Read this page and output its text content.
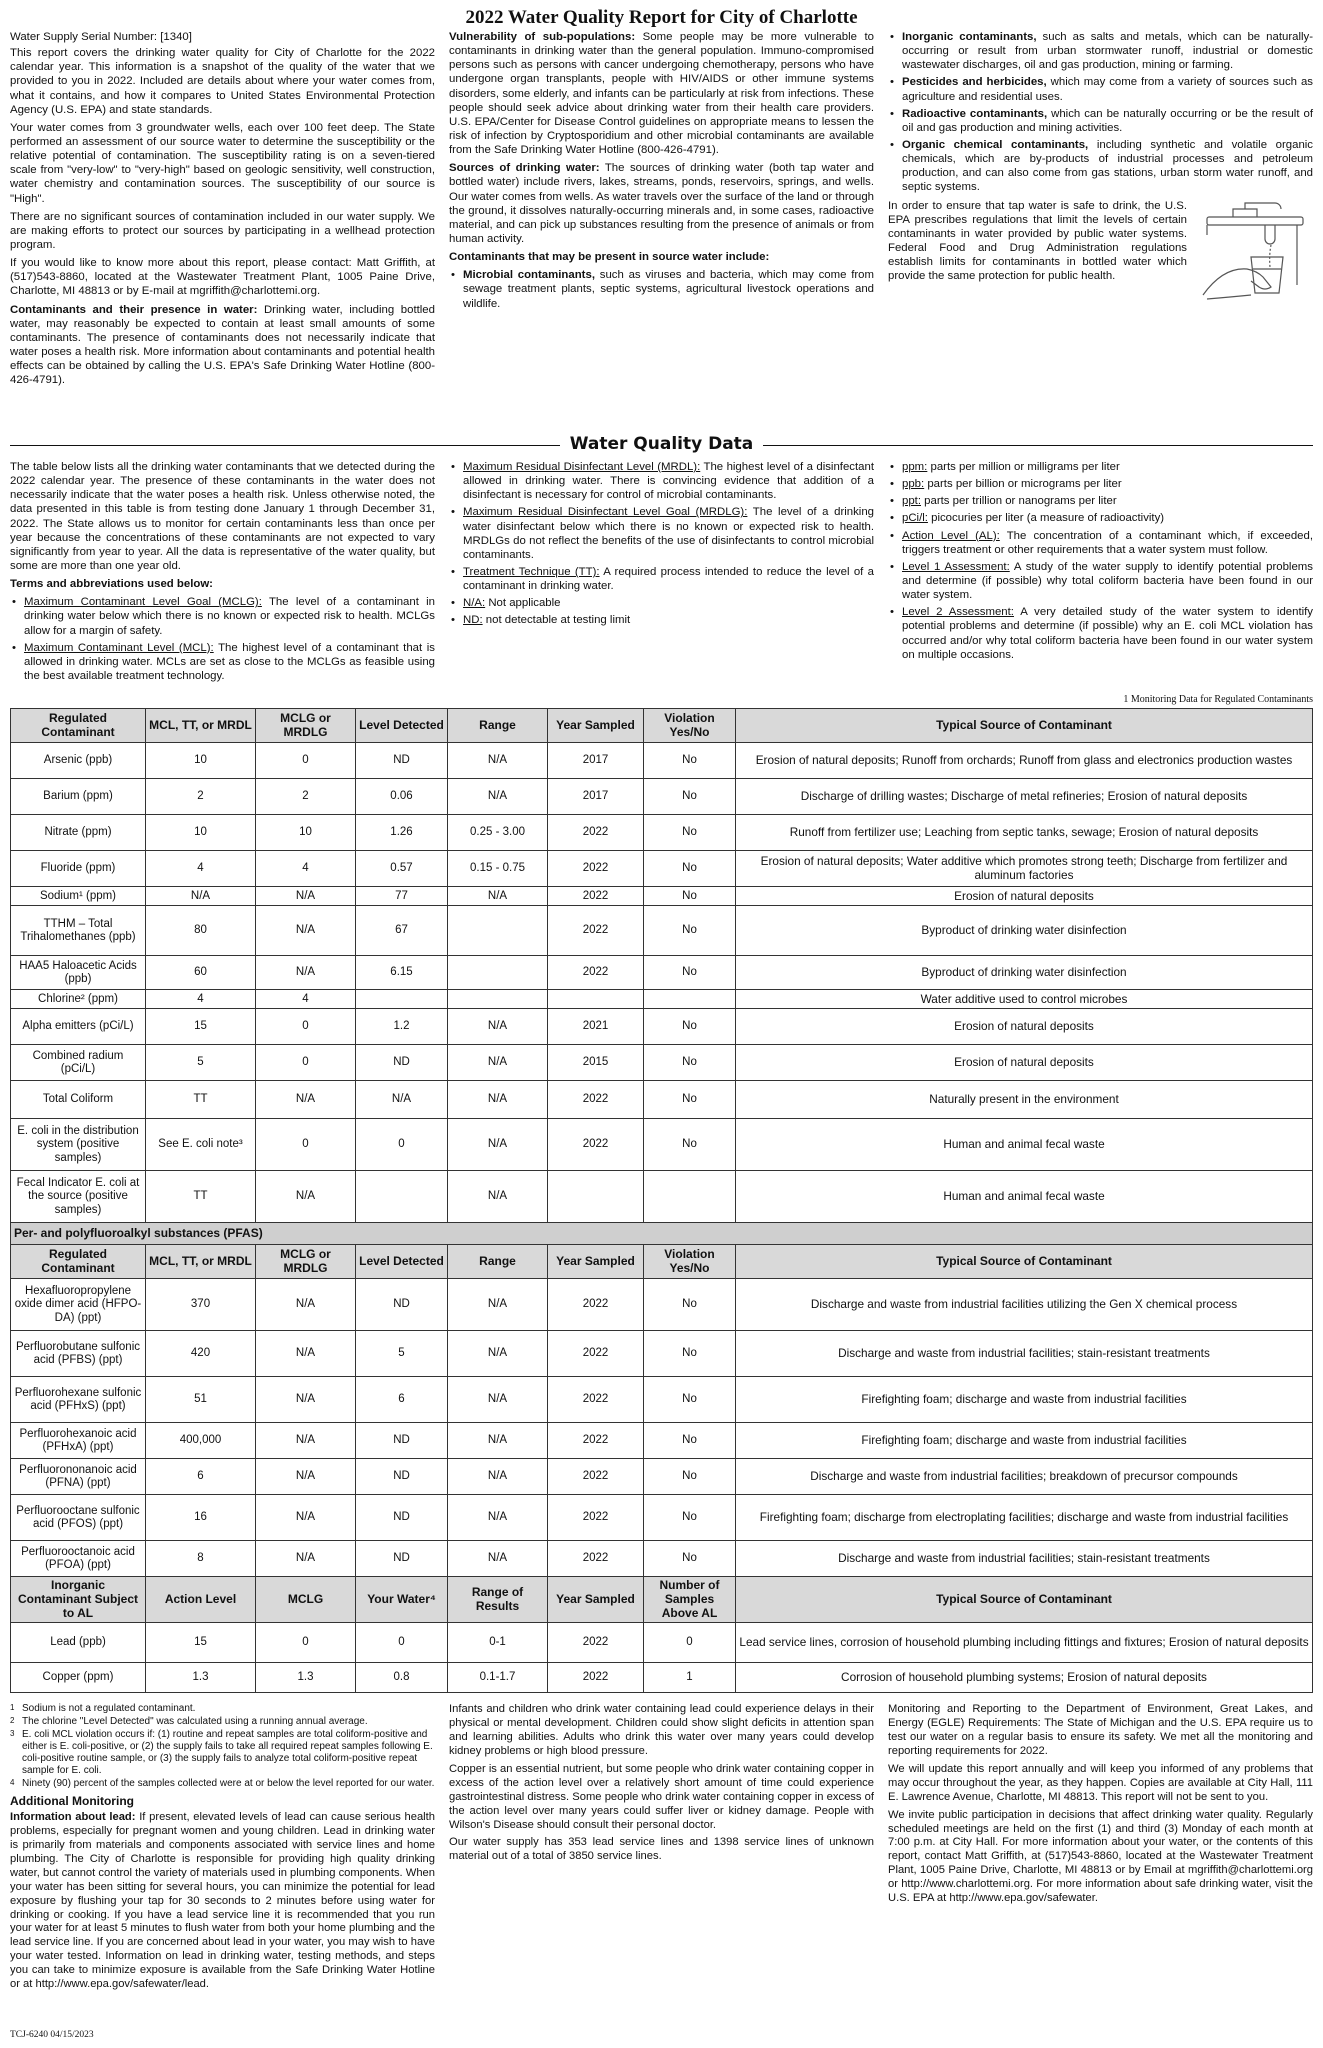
2022 Water Quality Report for City of Charlotte

Water Supply Serial Number: [1340]

This report covers the drinking water quality for City of Charlotte for the 2022 calendar year. This information is a snapshot of the quality of the water that we provided to you in 2022. Included are details about where your water comes from, what it contains, and how it compares to United States Environmental Protection Agency (U.S. EPA) and state standards.

Your water comes from 3 groundwater wells, each over 100 feet deep. The State performed an assessment of our source water to determine the susceptibility or the relative potential of contamination. The susceptibility rating is on a seven-tiered scale from "very-low" to "very-high" based on geologic sensitivity, well construction, water chemistry and contamination sources. The susceptibility of our source is "High".

There are no significant sources of contamination included in our water supply. We are making efforts to protect our sources by participating in a wellhead protection program.

If you would like to know more about this report, please contact: Matt Griffith, at (517)543-8860, located at the Wastewater Treatment Plant, 1005 Paine Drive, Charlotte, MI 48813 or by E-mail at mgriffith@charlottemi.org.

Contaminants and their presence in water: Drinking water, including bottled water, may reasonably be expected to contain at least small amounts of some contaminants. The presence of contaminants does not necessarily indicate that water poses a health risk. More information about contaminants and potential health effects can be obtained by calling the U.S. EPA's Safe Drinking Water Hotline (800-426-4791).

Vulnerability of sub-populations: Some people may be more vulnerable to contaminants in drinking water than the general population. Immuno-compromised persons such as persons with cancer undergoing chemotherapy, persons who have undergone organ transplants, people with HIV/AIDS or other immune systems disorders, some elderly, and infants can be particularly at risk from infections. These people should seek advice about drinking water from their health care providers. U.S. EPA/Center for Disease Control guidelines on appropriate means to lessen the risk of infection by Cryptosporidium and other microbial contaminants are available from the Safe Drinking Water Hotline (800-426-4791).

Sources of drinking water: The sources of drinking water (both tap water and bottled water) include rivers, lakes, streams, ponds, reservoirs, springs, and wells. Our water comes from wells. As water travels over the surface of the land or through the ground, it dissolves naturally-occurring minerals and, in some cases, radioactive material, and can pick up substances resulting from the presence of animals or from human activity.

Contaminants that may be present in source water include:

• Microbial contaminants, such as viruses and bacteria, which may come from sewage treatment plants, septic systems, agricultural livestock operations and wildlife.
• Inorganic contaminants, such as salts and metals, which can be naturally-occurring or result from urban stormwater runoff, industrial or domestic wastewater discharges, oil and gas production, mining or farming.
• Pesticides and herbicides, which may come from a variety of sources such as agriculture and residential uses.
• Radioactive contaminants, which can be naturally occurring or be the result of oil and gas production and mining activities.
• Organic chemical contaminants, including synthetic and volatile organic chemicals, which are by-products of industrial processes and petroleum production, and can also come from gas stations, urban storm water runoff, and septic systems.

In order to ensure that tap water is safe to drink, the U.S. EPA prescribes regulations that limit the levels of certain contaminants in water provided by public water systems. Federal Food and Drug Administration regulations establish limits for contaminants in bottled water which provide the same protection for public health.

Water Quality Data

The table below lists all the drinking water contaminants that we detected during the 2022 calendar year. The presence of these contaminants in the water does not necessarily indicate that the water poses a health risk. Unless otherwise noted, the data presented in this table is from testing done January 1 through December 31, 2022. The State allows us to monitor for certain contaminants less than once per year because the concentrations of these contaminants are not expected to vary significantly from year to year. All the data is representative of the water quality, but some are more than one year old.

Terms and abbreviations used below:

• Maximum Contaminant Level Goal (MCLG): The level of a contaminant in drinking water below which there is no known or expected risk to health. MCLGs allow for a margin of safety.
• Maximum Contaminant Level (MCL): The highest level of a contaminant that is allowed in drinking water. MCLs are set as close to the MCLGs as feasible using the best available treatment technology.
• Maximum Residual Disinfectant Level (MRDL): The highest level of a disinfectant allowed in drinking water. There is convincing evidence that addition of a disinfectant is necessary for control of microbial contaminants.
• Maximum Residual Disinfectant Level Goal (MRDLG): The level of a drinking water disinfectant below which there is no known or expected risk to health. MRDLGs do not reflect the benefits of the use of disinfectants to control microbial contaminants.
• Treatment Technique (TT): A required process intended to reduce the level of a contaminant in drinking water.
• N/A: Not applicable
• ND: not detectable at testing limit
• ppm: parts per million or milligrams per liter
• ppb: parts per billion or micrograms per liter
• ppt: parts per trillion or nanograms per liter
• pCi/l: picocuries per liter (a measure of radioactivity)
• Action Level (AL): The concentration of a contaminant which, if exceeded, triggers treatment or other requirements that a water system must follow.
• Level 1 Assessment: A study of the water supply to identify potential problems and determine (if possible) why total coliform bacteria have been found in our water system.
• Level 2 Assessment: A very detailed study of the water system to identify potential problems and determine (if possible) why an E. coli MCL violation has occurred and/or why total coliform bacteria have been found in our water system on multiple occasions.
1 Monitoring Data for Regulated Contaminants
Regulated Contaminant	MCL, TT, or MRDL	MCLG or MRDLG	Level Detected	Range	Year Sampled	Violation Yes/No	Typical Source of Contaminant
Arsenic (ppb)	10	0	ND	N/A	2017	No	Erosion of natural deposits; Runoff from orchards; Runoff from glass and electronics production wastes
Barium (ppm)	2	2	0.06	N/A	2017	No	Discharge of drilling wastes; Discharge of metal refineries; Erosion of natural deposits
Nitrate (ppm)	10	10	1.26	0.25 - 3.00	2022	No	Runoff from fertilizer use; Leaching from septic tanks, sewage; Erosion of natural deposits
Fluoride (ppm)	4	4	0.57	0.15 - 0.75	2022	No	Erosion of natural deposits; Water additive which promotes strong teeth; Discharge from fertilizer and aluminum factories
Sodium¹ (ppm)	N/A	N/A	77	N/A	2022	No	Erosion of natural deposits
TTHM – Total Trihalomethanes (ppb)	80	N/A	67		2022	No	Byproduct of drinking water disinfection
HAA5 Haloacetic Acids (ppb)	60	N/A	6.15		2022	No	Byproduct of drinking water disinfection
Chlorine² (ppm)	4	4					Water additive used to control microbes
Alpha emitters (pCi/L)	15	0	1.2	N/A	2021	No	Erosion of natural deposits
Combined radium (pCi/L)	5	0	ND	N/A	2015	No	Erosion of natural deposits
Total Coliform	TT	N/A	N/A	N/A	2022	No	Naturally present in the environment
E. coli in the distribution system (positive samples)	See E. coli note³	0	0	N/A	2022	No	Human and animal fecal waste
Fecal Indicator E. coli at the source (positive samples)	TT	N/A		N/A			Human and animal fecal waste
Per- and polyfluoroalkyl substances (PFAS)							
Regulated Contaminant	MCL, TT, or MRDL	MCLG or MRDLG	Level Detected	Range	Year Sampled	Violation Yes/No	Typical Source of Contaminant
Hexafluoropropylene oxide dimer acid (HFPO-DA) (ppt)	370	N/A	ND	N/A	2022	No	Discharge and waste from industrial facilities utilizing the Gen X chemical process
Perfluorobutane sulfonic acid (PFBS) (ppt)	420	N/A	5	N/A	2022	No	Discharge and waste from industrial facilities; stain-resistant treatments
Perfluorohexane sulfonic acid (PFHxS) (ppt)	51	N/A	6	N/A	2022	No	Firefighting foam; discharge and waste from industrial facilities
Perfluorohexanoic acid (PFHxA) (ppt)	400,000	N/A	ND	N/A	2022	No	Firefighting foam; discharge and waste from industrial facilities
Perfluorononanoic acid (PFNA) (ppt)	6	N/A	ND	N/A	2022	No	Discharge and waste from industrial facilities; breakdown of precursor compounds
Perfluorooctane sulfonic acid (PFOS) (ppt)	16	N/A	ND	N/A	2022	No	Firefighting foam; discharge from electroplating facilities; discharge and waste from industrial facilities
Perfluorooctanoic acid (PFOA) (ppt)	8	N/A	ND	N/A	2022	No	Discharge and waste from industrial facilities; stain-resistant treatments
Inorganic Contaminant Subject to AL	Action Level	MCLG	Your Water⁴	Range of Results	Year Sampled	Number of Samples Above AL	Typical Source of Contaminant
Lead (ppb)	15	0	0	0-1	2022	0	Lead service lines, corrosion of household plumbing including fittings and fixtures; Erosion of natural deposits
Copper (ppm)	1.3	1.3	0.8	0.1-1.7	2022	1	Corrosion of household plumbing systems; Erosion of natural deposits
1 Sodium is not a regulated contaminant.
2 The chlorine "Level Detected" was calculated using a running annual average.
3 E. coli MCL violation occurs if: (1) routine and repeat samples are total coliform-positive and either is E. coli-positive, or (2) the supply fails to take all required repeat samples following E. coli-positive routine sample, or (3) the supply fails to analyze total coliform-positive repeat sample for E. coli.
4 Ninety (90) percent of the samples collected were at or below the level reported for our water.

Additional Monitoring

Information about lead: If present, elevated levels of lead can cause serious health problems, especially for pregnant women and young children. Lead in drinking water is primarily from materials and components associated with service lines and home plumbing. The City of Charlotte is responsible for providing high quality drinking water, but cannot control the variety of materials used in plumbing components. When your water has been sitting for several hours, you can minimize the potential for lead exposure by flushing your tap for 30 seconds to 2 minutes before using water for drinking or cooking. If you have a lead service line it is recommended that you run your water for at least 5 minutes to flush water from both your home plumbing and the lead service line. If you are concerned about lead in your water, you may wish to have your water tested. Information on lead in drinking water, testing methods, and steps you can take to minimize exposure is available from the Safe Drinking Water Hotline or at http://www.epa.gov/safewater/lead.

Infants and children who drink water containing lead could experience delays in their physical or mental development. Children could show slight deficits in attention span and learning abilities. Adults who drink this water over many years could develop kidney problems or high blood pressure.

Copper is an essential nutrient, but some people who drink water containing copper in excess of the action level over a relatively short amount of time could experience gastrointestinal distress. Some people who drink water containing copper in excess of the action level over many years could suffer liver or kidney damage. People with Wilson's Disease should consult their personal doctor.

Our water supply has 353 lead service lines and 1398 service lines of unknown material out of a total of 3850 service lines.

Monitoring and Reporting to the Department of Environment, Great Lakes, and Energy (EGLE) Requirements: The State of Michigan and the U.S. EPA require us to test our water on a regular basis to ensure its safety. We met all the monitoring and reporting requirements for 2022.

We will update this report annually and will keep you informed of any problems that may occur throughout the year, as they happen. Copies are available at City Hall, 111 E. Lawrence Avenue, Charlotte, MI 48813. This report will not be sent to you.

We invite public participation in decisions that affect drinking water quality. Regularly scheduled meetings are held on the first (1) and third (3) Monday of each month at 7:00 p.m. at City Hall. For more information about your water, or the contents of this report, contact Matt Griffith, at (517)543-8860, located at the Wastewater Treatment Plant, 1005 Paine Drive, Charlotte, MI 48813 or by Email at mgriffith@charlottemi.org or http://www.charlottemi.org. For more information about safe drinking water, visit the U.S. EPA at http://www.epa.gov/safewater.

TCJ-6240 04/15/2023
